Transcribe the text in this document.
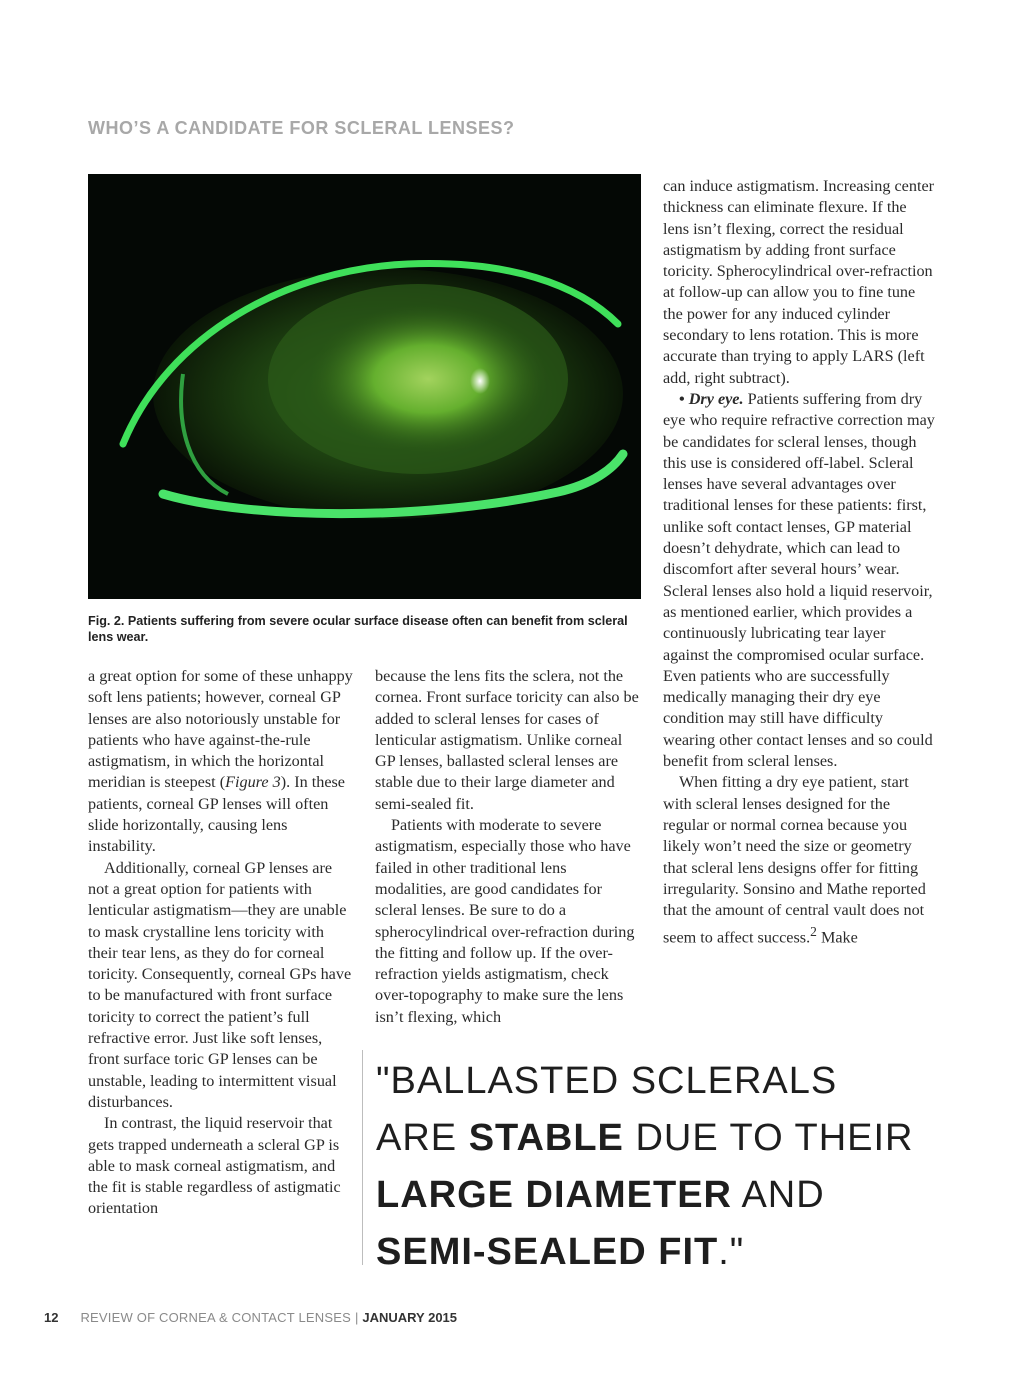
WHO’S A CANDIDATE FOR SCLERAL LENSES?
Fig. 2. Patients suffering from severe ocular surface disease often can benefit from scleral lens wear.

a great option for some of these unhappy soft lens patients; however, corneal GP lenses are also notoriously unstable for patients who have against-the-rule astigmatism, in which the horizontal meridian is steepest (Figure 3). In these patients, corneal GP lenses will often slide horizontally, causing lens instability.

Additionally, corneal GP lenses are not a great option for patients with lenticular astigmatism—they are unable to mask crystalline lens toricity with their tear lens, as they do for corneal toricity. Consequently, corneal GPs have to be manufactured with front surface toricity to correct the patient’s full refractive error. Just like soft lenses, front surface toric GP lenses can be unstable, leading to intermittent visual disturbances.

In contrast, the liquid reservoir that gets trapped underneath a scleral GP is able to mask corneal astigmatism, and the fit is stable regardless of astigmatic orientation

because the lens fits the sclera, not the cornea. Front surface toricity can also be added to scleral lenses for cases of lenticular astigmatism. Unlike corneal GP lenses, ballasted scleral lenses are stable due to their large diameter and semi-sealed fit.

Patients with moderate to severe astigmatism, especially those who have failed in other traditional lens modalities, are good candidates for scleral lenses. Be sure to do a spherocylindrical over-refraction during the fitting and follow up. If the over-refraction yields astigmatism, check over-topography to make sure the lens isn’t flexing, which

can induce astigmatism. Increasing center thickness can eliminate flexure. If the lens isn’t flexing, correct the residual astigmatism by adding front surface toricity. Spherocylindrical over-refraction at follow-up can allow you to fine tune the power for any induced cylinder secondary to lens rotation. This is more accurate than trying to apply LARS (left add, right subtract).

• Dry eye. Patients suffering from dry eye who require refractive correction may be candidates for scleral lenses, though this use is considered off-label. Scleral lenses have several advantages over traditional lenses for these patients: first, unlike soft contact lenses, GP material doesn’t dehydrate, which can lead to discomfort after several hours’ wear. Scleral lenses also hold a liquid reservoir, as mentioned earlier, which provides a continuously lubricating tear layer against the compromised ocular surface. Even patients who are successfully medically managing their dry eye condition may still have difficulty wearing other contact lenses and so could benefit from scleral lenses.

When fitting a dry eye patient, start with scleral lenses designed for the regular or normal cornea because you likely won’t need the size or geometry that scleral lens designs offer for fitting irregularity. Sonsino and Mathe reported that the amount of central vault does not seem to affect success.$^2$ Make

"BALLASTED SCLERALS
ARE STABLE DUE TO THEIR
LARGE DIAMETER AND
SEMI-SEALED FIT."
12 REVIEW OF CORNEA & CONTACT LENSES | JANUARY 2015
